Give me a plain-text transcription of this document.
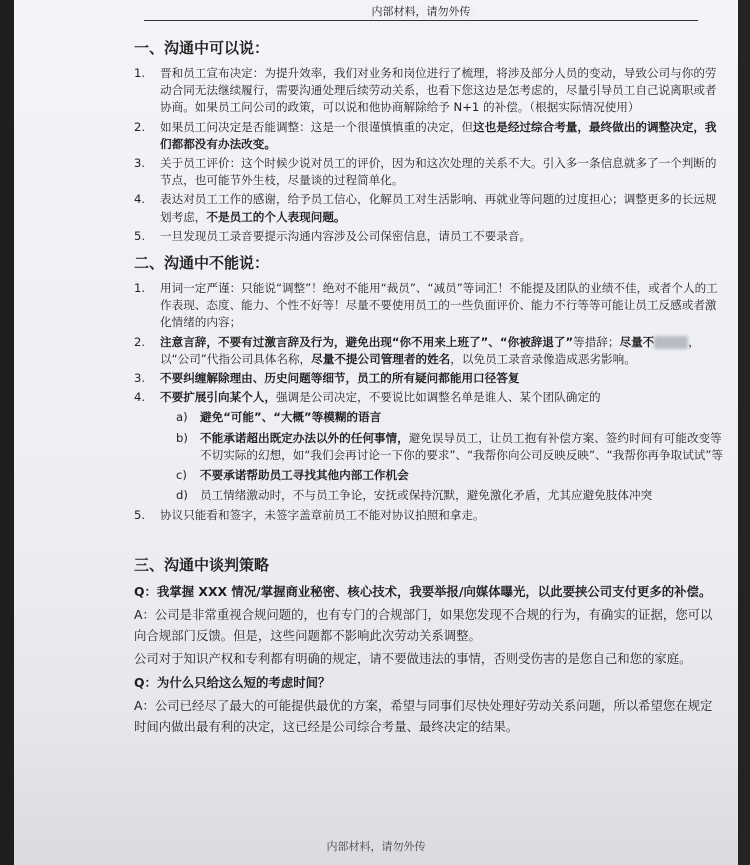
内部材料，请勿外传
一、沟通中可以说：
1.	晋和员工宣布决定：为提升效率，我们对业务和岗位进行了梳理，将涉及部分人员的变动，导致公司与你的劳动合同无法继续履行，需要沟通处理后续劳动关系，也看下您这边是怎考虑的，尽量引导员工自己说离职或者协商。如果员工问公司的政策，可以说和他协商解除给予 N+1 的补偿。（根据实际情况使用）
2.	如果员工问决定是否能调整：这是一个很谨慎慎重的决定，但这也是经过综合考量，最终做出的调整决定，我们都都没有办法改变。
3.	关于员工评价：这个时候少说对员工的评价，因为和这次处理的关系不大。引入多一条信息就多了一个判断的节点，也可能节外生枝，尽量谈的过程简单化。
4.	表达对员工工作的感谢，给予员工信心，化解员工对生活影响、再就业等问题的过度担心；调整更多的长远规划考虑，不是员工的个人表现问题。
5.	一旦发现员工录音要提示沟通内容涉及公司保密信息，请员工不要录音。
二、沟通中不能说：
1.	用词一定严谨：只能说“调整”！绝对不能用“裁员”、“减员”等词汇！不能提及团队的业绩不佳，或者个人的工作表现、态度、能力、个性不好等！尽量不要使用员工的一些负面评价、能力不行等等可能让员工反感或者激化情绪的内容；
2.	注意言辞，不要有过激言辞及行为，避免出现“你不用来上班了”、“你被辞退了”等措辞；尽量不	，以“公司”代指公司具体名称，尽量不提公司管理者的姓名，以免员工录音录像造成恶劣影响。
3.	不要纠缠解除理由、历史问题等细节，员工的所有疑问都能用口径答复
4.	不要扩展引向某个人，强调是公司决定，不要说比如调整名单是谁人、某个团队确定的
a) 避免“可能”、“大概”等模糊的语言
b) 不能承诺超出既定办法以外的任何事情，避免误导员工，让员工抱有补偿方案、签约时间有可能改变等不切实际的幻想，如“我们会再讨论一下你的要求”、“我帮你向公司反映反映”、“我帮你再争取试试”等
c) 不要承诺帮助员工寻找其他内部工作机会
d) 员工情绪激动时，不与员工争论，安抚或保持沉默，避免激化矛盾，尤其应避免肢体冲突
5.	协议只能看和签字，未签字盖章前员工不能对协议拍照和拿走。
三、沟通中谈判策略

Q：我掌握 XXX 情况/掌握商业秘密、核心技术，我要举报/向媒体曝光，以此要挟公司支付更多的补偿。

A：公司是非常重视合规问题的，也有专门的合规部门，如果您发现不合规的行为，有确实的证据，您可以向合规部门反馈。但是，这些问题都不影响此次劳动关系调整。

公司对于知识产权和专利都有明确的规定，请不要做违法的事情，否则受伤害的是您自己和您的家庭。

Q：为什么只给这么短的考虑时间？

A：公司已经尽了最大的可能提供最优的方案，希望与同事们尽快处理好劳动关系问题，所以希望您在规定时间内做出最有利的决定，这已经是公司综合考量、最终决定的结果。

内部材料，请勿外传
